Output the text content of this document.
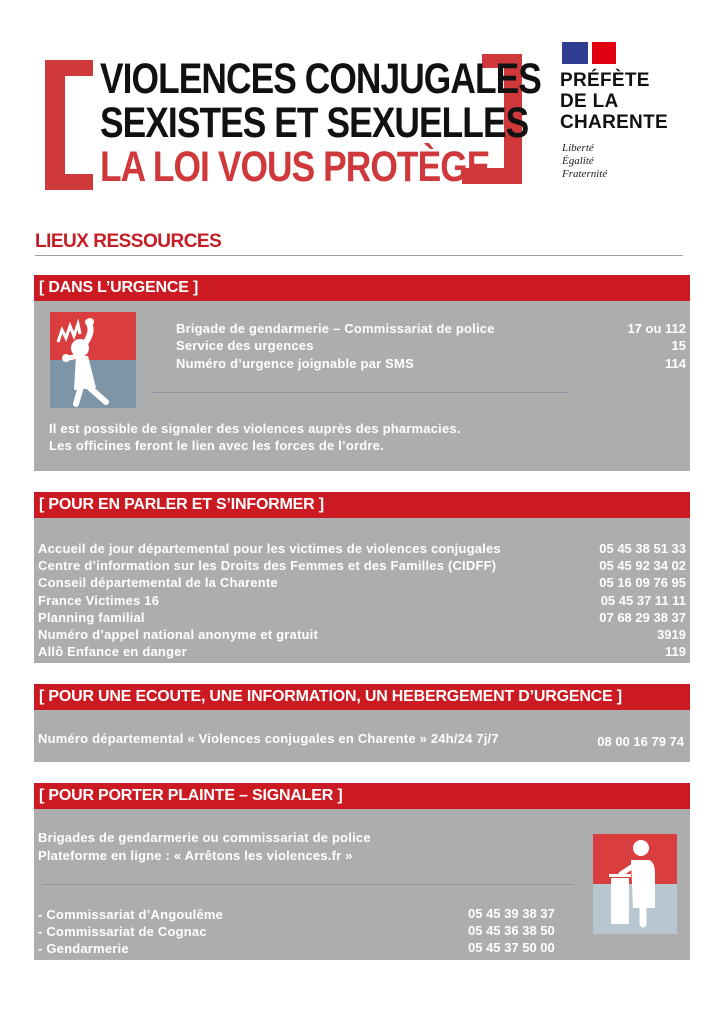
VIOLENCES CONJUGALES
SEXISTES ET SEXUELLES
LA LOI VOUS PROTÈGE
PRÉFÈTE
DE LA
CHARENTE
Liberté
Égalité
Fraternité
LIEUX RESSOURCES
[ DANS L’URGENCE ]
Brigade de gendarmerie – Commissariat de police	17 ou 112
Service des urgences	15
Numéro d’urgence joignable par SMS	114
Il est possible de signaler des violences auprès des pharmacies.
Les officines feront le lien avec les forces de l’ordre.
[ POUR EN PARLER ET S’INFORMER ]
Accueil de jour départemental pour les victimes de violences conjugales	05 45 38 51 33
Centre d’information sur les Droits des Femmes et des Familles (CIDFF)	05 45 92 34 02
Conseil départemental de la Charente	05 16 09 76 95
France Victimes 16	05 45 37 11 11
Planning familial	07 68 29 38 37
Numéro d’appel national anonyme et gratuit	3919
Allô Enfance en danger	119
[ POUR UNE ECOUTE, UNE INFORMATION, UN HEBERGEMENT D’URGENCE ]
Numéro départemental « Violences conjugales en Charente » 24h/24 7j/7	08 00 16 79 74
[ POUR PORTER PLAINTE – SIGNALER ]
Brigades de gendarmerie ou commissariat de police
Plateforme en ligne : « Arrêtons les violences.fr »
- Commissariat d’Angoulême	05 45 39 38 37
- Commissariat de Cognac	05 45 36 38 50
- Gendarmerie	05 45 37 50 00
